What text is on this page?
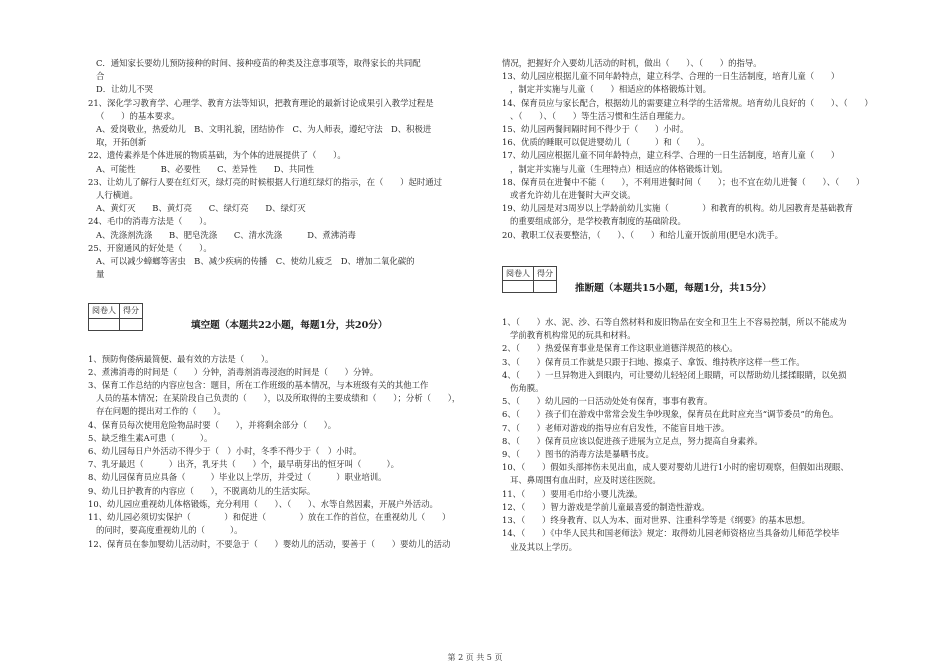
C．通知家长要幼儿预防接种的时间、接种疫苗的种类及注意事项等，取得家长的共同配
合
D．让幼儿不哭
21、深化学习教育学、心理学、教育方法等知识，把教育理论的最新讨论成果引入教学过程是
（　　）的基本要求。
A、爱岗敬业，热爱幼儿　B、文明礼貌，团结协作　C、为人师表，遵纪守法　D、积极进
取，开拓创新
22、遗传素养是个体进展的物质基础，为个体的进展提供了（　　）。
A、可能性　　　B、必要性　　C、差异性　　D、共同性
23、让幼儿了解行人要在红灯灭，绿灯亮的时候根据人行道红绿灯的指示，在（　　）起时通过
人行横道。
A、黄灯灭　　B、黄灯亮　　C、绿灯亮　　D、绿灯灭
24、毛巾的消毒方法是（　　）。
A、洗涤剂洗涤　　B、肥皂洗涤　　C、清水洗涤　　　D、煮沸消毒
25、开窗通风的好处是（　　）。
A、可以减少蟑螂等害虫　B、减少疾病的传播　C、使幼儿疲乏　D、增加二氧化碳的
量
阅卷人	得分

填空题（本题共22小题，每题1分，共20分）
1、预防佝偻病最简便、最有效的方法是（　　）。
2、煮沸消毒的时间是（　　）分钟，消毒剂消毒浸泡的时间是（　　）分钟。
3、保育工作总结的内容应包含：题目，所在工作班级的基本情况，与本班级有关的其他工作
人员的基本情况；在某阶段自己负责的（　　），以及所取得的主要成绩和（　　）；分析（　　），
存在问题的提出对工作的（　　）。
4、保育员每次使用危险物品时要（　　），并将剩余部分（　　）。
5、缺乏维生素A可患（　　　）。
6、幼儿园每日户外活动不得少于（　）小时，冬季不得少于（　）小时。
7、乳牙最迟（　　　）出齐，乳牙共（　　）个，最早萌芽出的恒牙叫（　　　）。
8、幼儿园保育员应具备（　　　）毕业以上学历，并受过（　　　）职业培训。
9、幼儿日护教育的内容应（　　），不脱离幼儿的生活实际。
10、幼儿园应重视幼儿体格锻炼，充分利用（　　）、（　　）、水等自然因素，开展户外活动。
11、幼儿园必须切实保护（　　　　）和促进（　　　　）放在工作的首位，在重视幼儿（　　）
的问时，要高度重视幼儿的（　　　）。
12、保育员在参加婴幼儿活动时，不要急于（　　）婴幼儿的活动，要善于（　　）要幼儿的活动
情况，把握好介入要幼儿活动的时机，做出（　　）、（　　）的指导。
13、幼儿园应根据儿童不同年龄特点，建立科学、合理的一日生活制度，培育儿童（　　）
，制定并实施与儿童（　　）相适应的体格锻炼计划。
14、保育员应与家长配合，根据幼儿的需要建立科学的生活常规。培育幼儿良好的（　　）、（　　）
、（　　）、（　　）等生活习惯和生活自理能力。
15、幼儿园两餐间隔时间不得少于（　　）小时。
16、优质的睡眠可以促进婴幼儿（　　　）和（　　）。
17、幼儿园应根据儿童不同年龄特点，建立科学、合理的一日生活制度，培育儿童（　　）
，制定并实施与儿童（生理特点）相适应的体格锻炼计划。
18、保育员在进餐中不能（　　），不利用进餐时间（　　）；也不宜在幼儿进餐（　　）、（　　）
或者允许幼儿在进餐时大声交谈。
19、幼儿园是对3周岁以上学龄前幼儿实施（　　　　）和教育的机构。幼儿园教育是基础教育
的重要组成部分，是学校教育制度的基础阶段。
20、教职工仪表要整洁，（　　）、（　　）和给儿童开饭前用(肥皂水)洗手。
阅卷人	得分

推断题（本题共15小题，每题1分，共15分）
1、（　　）水、泥、沙、石等自然材料和废旧物品在安全和卫生上不容易控制，所以不能成为
学前教育机构常见的玩具和材料。
2、（　　）热爱保育事业是保育工作这职业道德洋规范的核心。
3、（　　）保育员工作就是只跟于扫地、擦桌子、拿饭、维持秩序这样一些工作。
4、（　　）一旦异物进入到眼内，可让婴幼儿轻轻闭上眼睛，可以帮助幼儿揉揉眼睛，以免损
伤角膜。
5、（　　）幼儿园的一日活动处处有保育，事事有教育。
6、（　　）孩子们在游戏中常常会发生争吵现象，保育员在此时应充当“调节委员”的角色。
7、（　　）老师对游戏的指导应有启发性，不能盲目地干涉。
8、（　　）保育员应该以促进孩子进展为立足点，努力提高自身素养。
9、（　　）图书的消毒方法是暴晒书皮。
10、（　　）假如头部摔伤未见出血，成人要对婴幼儿进行1小时的密切观察，但假如出现眼、
耳、鼻周围有血出时，应及时送往医院。
11、（　　）要用毛巾给小婴儿洗澡。
12、（　　）智力游戏是学前儿童最喜爱的制造性游戏。
13、（　　）终身教育、以人为本、面对世界、注重科学等是《纲要》的基本思想。
14、（　　）《中华人民共和国老师法》规定：取得幼儿园老师资格应当具备幼儿师范学校毕
业及其以上学历。
第 2 页 共 5 页
